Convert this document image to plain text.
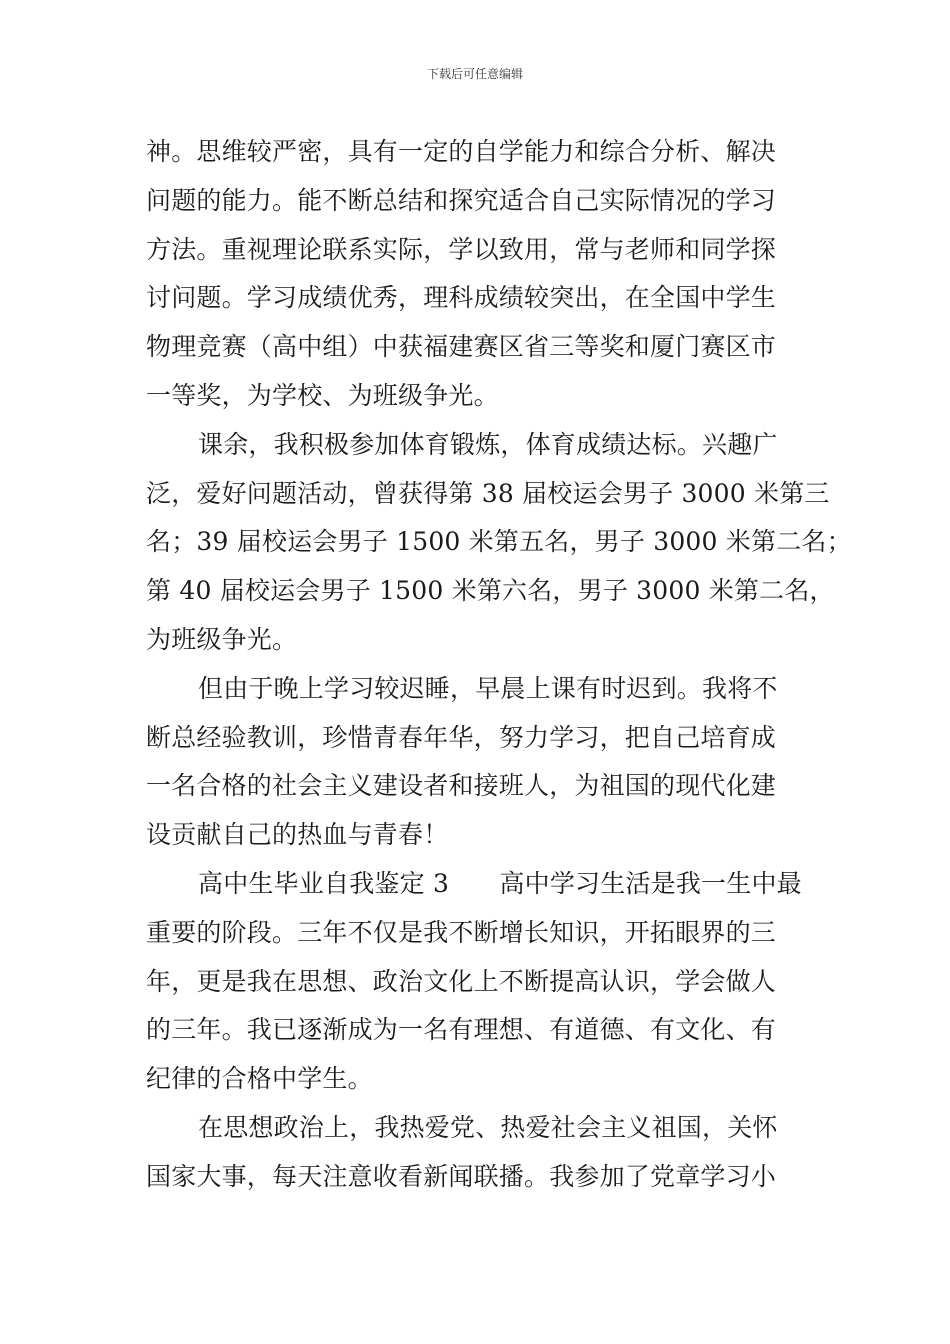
下载后可任意编辑
神。思维较严密，具有一定的自学能力和综合分析、解决
问题的能力。能不断总结和探究适合自己实际情况的学习
方法。重视理论联系实际，学以致用，常与老师和同学探
讨问题。学习成绩优秀，理科成绩较突出，在全国中学生
物理竞赛（高中组）中获福建赛区省三等奖和厦门赛区市
一等奖，为学校、为班级争光。
课余，我积极参加体育锻炼，体育成绩达标。兴趣广
泛，爱好问题活动，曾获得第 38 届校运会男子 3000 米第三
名；39 届校运会男子 1500 米第五名，男子 3000 米第二名；
第 40 届校运会男子 1500 米第六名，男子 3000 米第二名，
为班级争光。
但由于晚上学习较迟睡，早晨上课有时迟到。我将不
断总经验教训，珍惜青春年华，努力学习，把自己培育成
一名合格的社会主义建设者和接班人，为祖国的现代化建
设贡献自己的热血与青春！
高中生毕业自我鉴定 3　　高中学习生活是我一生中最
重要的阶段。三年不仅是我不断增长知识，开拓眼界的三
年，更是我在思想、政治文化上不断提高认识，学会做人
的三年。我已逐渐成为一名有理想、有道德、有文化、有
纪律的合格中学生。
在思想政治上，我热爱党、热爱社会主义祖国，关怀
国家大事，每天注意收看新闻联播。我参加了党章学习小
